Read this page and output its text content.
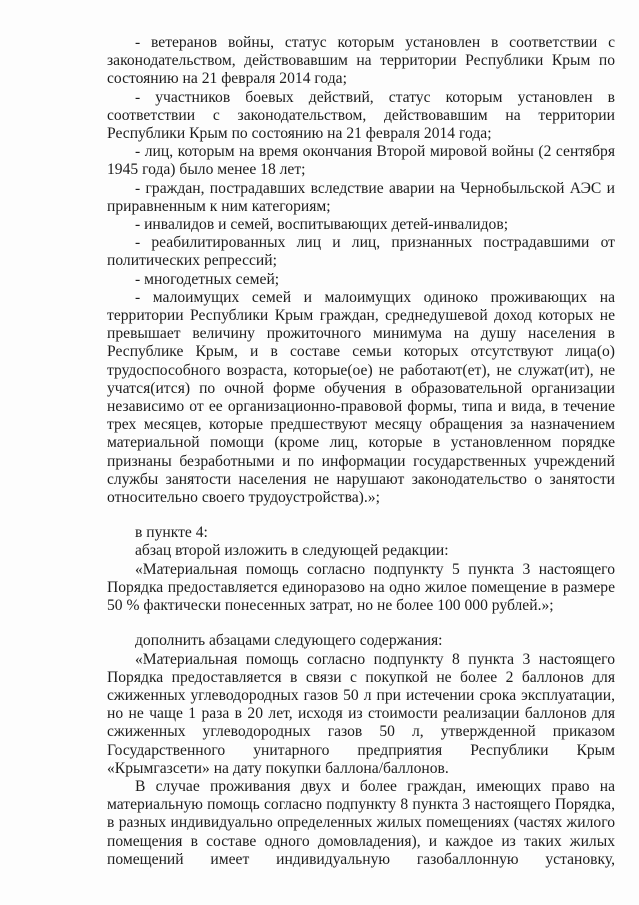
- ветеранов войны, статус которым установлен в соответствии с законодательством, действовавшим на территории Республики Крым по состоянию на 21 февраля 2014 года;

- участников боевых действий, статус которым установлен в соответствии с законодательством, действовавшим на территории Республики Крым по состоянию на 21 февраля 2014 года;

- лиц, которым на время окончания Второй мировой войны (2 сентября 1945 года) было менее 18 лет;

- граждан, пострадавших вследствие аварии на Чернобыльской АЭС и приравненным к ним категориям;

- инвалидов и семей, воспитывающих детей-инвалидов;

- реабилитированных лиц и лиц, признанных пострадавшими от политических репрессий;

- многодетных семей;

- малоимущих семей и малоимущих одиноко проживающих на территории Республики Крым граждан, среднедушевой доход которых не превышает величину прожиточного минимума на душу населения в Республике Крым, и в составе семьи которых отсутствуют лица(о) трудоспособного возраста, которые(ое) не работают(ет), не служат(ит), не учатся(ится) по очной форме обучения в образовательной организации независимо от ее организационно-правовой формы, типа и вида, в течение трех месяцев, которые предшествуют месяцу обращения за назначением материальной помощи (кроме лиц, которые в установленном порядке признаны безработными и по информации государственных учреждений службы занятости населения не нарушают законодательство о занятости относительно своего трудоустройства).»;

в пункте 4:

абзац второй изложить в следующей редакции:

«Материальная помощь согласно подпункту 5 пункта 3 настоящего Порядка предоставляется единоразово на одно жилое помещение в размере 50 % фактически понесенных затрат, но не более 100 000 рублей.»;

дополнить абзацами следующего содержания:

«Материальная помощь согласно подпункту 8 пункта 3 настоящего Порядка предоставляется в связи с покупкой не более 2 баллонов для сжиженных углеводородных газов 50 л при истечении срока эксплуатации, но не чаще 1 раза в 20 лет, исходя из стоимости реализации баллонов для сжиженных углеводородных газов 50 л, утвержденной приказом Государственного унитарного предприятия Республики Крым «Крымгазсети» на дату покупки баллона/баллонов.

В случае проживания двух и более граждан, имеющих право на материальную помощь согласно подпункту 8 пункта 3 настоящего Порядка, в разных индивидуально определенных жилых помещениях (частях жилого помещения в составе одного домовладения), и каждое из таких жилых помещений имеет индивидуальную газобаллонную установку,
